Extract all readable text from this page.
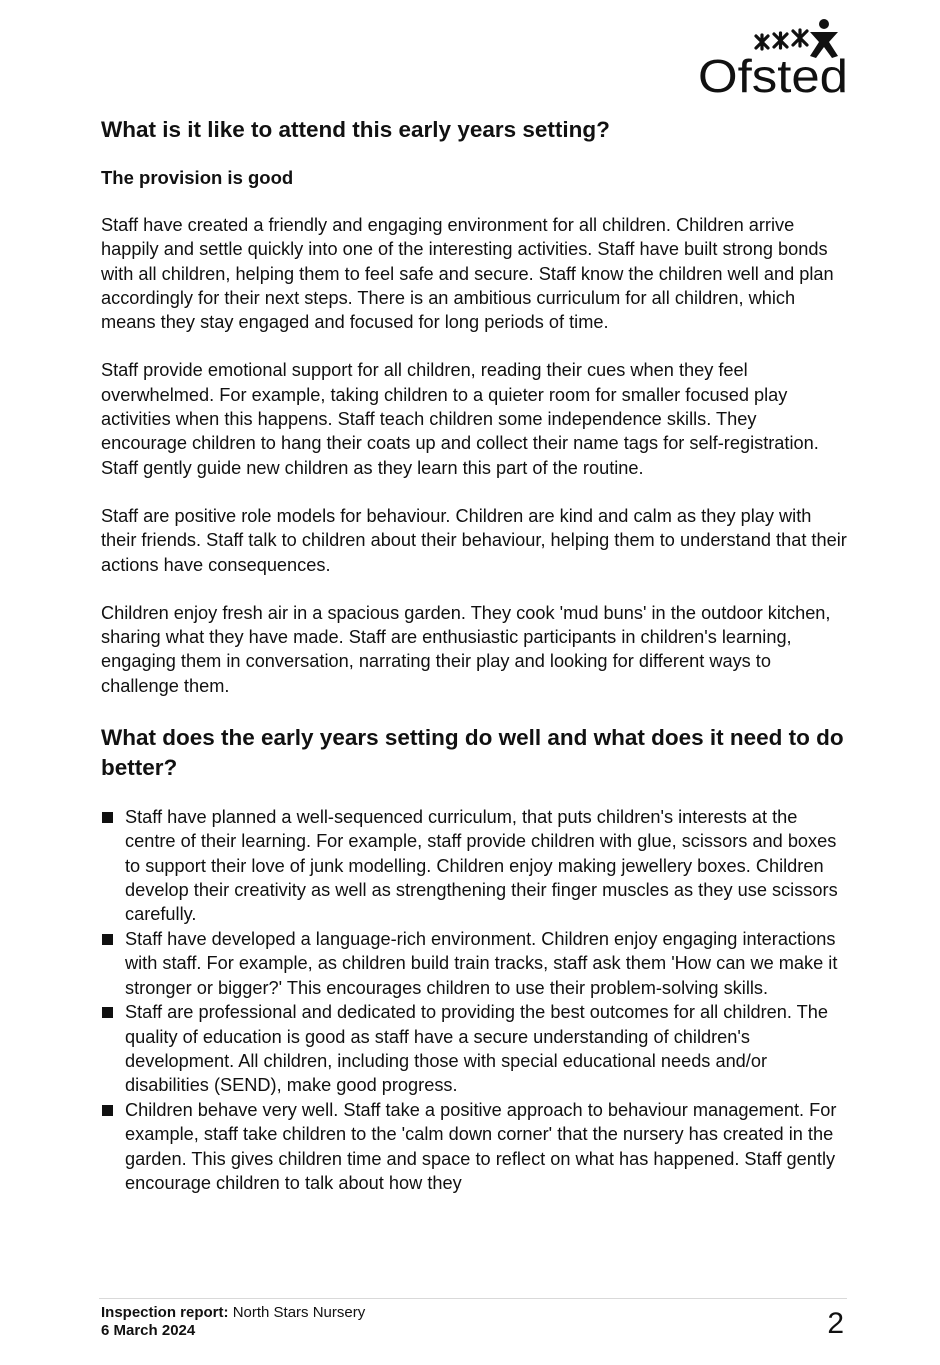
Ofsted
What is it like to attend this early years setting?
The provision is good

Staff have created a friendly and engaging environment for all children. Children arrive happily and settle quickly into one of the interesting activities. Staff have built strong bonds with all children, helping them to feel safe and secure. Staff know the children well and plan accordingly for their next steps. There is an ambitious curriculum for all children, which means they stay engaged and focused for long periods of time.

Staff provide emotional support for all children, reading their cues when they feel overwhelmed. For example, taking children to a quieter room for smaller focused play activities when this happens. Staff teach children some independence skills. They encourage children to hang their coats up and collect their name tags for self-registration. Staff gently guide new children as they learn this part of the routine.

Staff are positive role models for behaviour. Children are kind and calm as they play with their friends. Staff talk to children about their behaviour, helping them to understand that their actions have consequences.

Children enjoy fresh air in a spacious garden. They cook 'mud buns' in the outdoor kitchen, sharing what they have made. Staff are enthusiastic participants in children's learning, engaging them in conversation, narrating their play and looking for different ways to challenge them.

What does the early years setting do well and what does it need to do better?
Staff have planned a well-sequenced curriculum, that puts children's interests at the centre of their learning. For example, staff provide children with glue, scissors and boxes to support their love of junk modelling. Children enjoy making jewellery boxes. Children develop their creativity as well as strengthening their finger muscles as they use scissors carefully.
Staff have developed a language-rich environment. Children enjoy engaging interactions with staff. For example, as children build train tracks, staff ask them 'How can we make it stronger or bigger?' This encourages children to use their problem-solving skills.
Staff are professional and dedicated to providing the best outcomes for all children. The quality of education is good as staff have a secure understanding of children's development. All children, including those with special educational needs and/or disabilities (SEND), make good progress.
Children behave very well. Staff take a positive approach to behaviour management. For example, staff take children to the 'calm down corner' that the nursery has created in the garden. This gives children time and space to reflect on what has happened. Staff gently encourage children to talk about how they
Inspection report: North Stars Nursery
6 March 2024	2
